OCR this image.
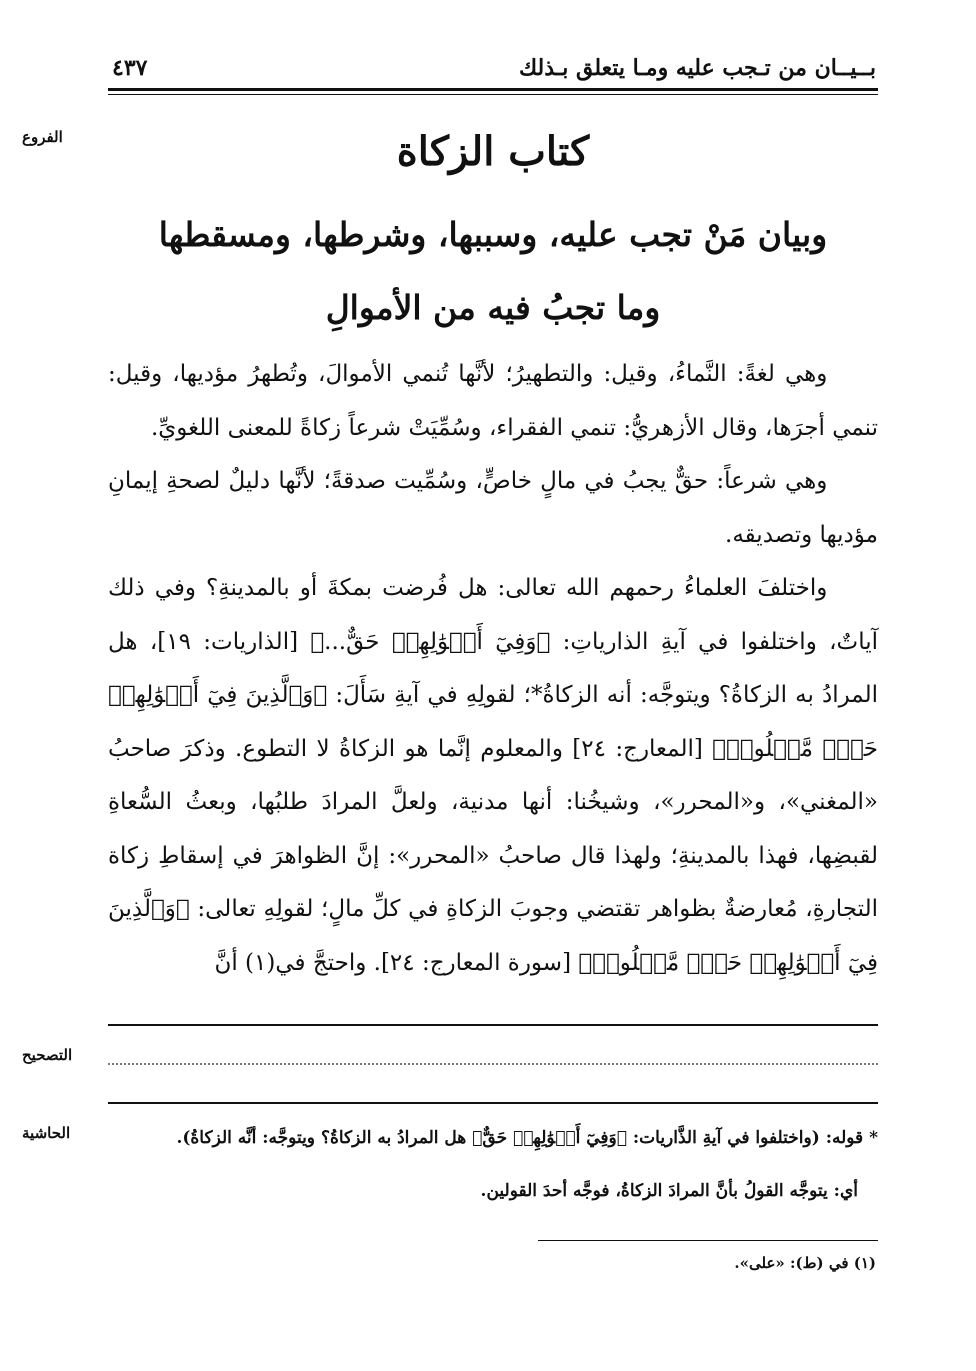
بــيــان من تـجب عليه ومـا يتعلق بـذلك
٤٣٧
الفروع	كتاب الزكاة
وبيان مَنْ تجب عليه، وسببها، وشرطها، ومسقطها
وما تجبُ فيه من الأموالِ

وهي لغةً: النَّماءُ، وقيل: والتطهيرُ؛ لأنَّها تُنمي الأموالَ، وتُطهرُ مؤديها، وقيل: تنمي أجرَها، وقال الأزهريُّ: تنمي الفقراء، وسُمِّيَتْ شرعاً زكاةً للمعنى اللغويِّ.

وهي شرعاً: حقٌّ يجبُ في مالٍ خاصٍّ، وسُمِّيت صدقةً؛ لأنَّها دليلٌ لصحةِ إيمانِ مؤديها وتصديقه.

واختلفَ العلماءُ رحمهم الله تعالى: هل فُرضت بمكةَ أو بالمدينةِ؟ وفي ذلك آياتٌ، واختلفوا في آيةِ الذارياتِ: ﴿وَفِيٓ أَمۡوَٰلِهِمۡ حَقٌّ...﴾ [الذاريات: ١٩]، هل المرادُ به الزكاةُ؟ ويتوجَّه: أنه الزكاةُ*؛ لقولِهِ في آيةِ سَأَلَ: ﴿وَٱلَّذِينَ فِيٓ أَمۡوَٰلِهِمۡ حَقّٞ مَّعۡلُومٞ﴾ [المعارج: ٢٤] والمعلوم إنَّما هو الزكاةُ لا التطوع. وذكرَ صاحبُ «المغني»، و«المحرر»، وشيخُنا: أنها مدنية، ولعلَّ المرادَ طلبُها، وبعثُ السُّعاةِ لقبضِها، فهذا بالمدينةِ؛ ولهذا قال صاحبُ «المحرر»: إنَّ الظواهرَ في إسقاطِ زكاة التجارةِ، مُعارضةٌ بظواهر تقتضي وجوبَ الزكاةِ في كلِّ مالٍ؛ لقولِهِ تعالى: ﴿وَٱلَّذِينَ فِيٓ أَمۡوَٰلِهِمۡ حَقّٞ مَّعۡلُومٞ﴾ [سورة المعارج: ٢٤]. واحتجَّ في(١) أنَّ

التصحيح
الحاشية	* قوله: (واختلفوا في آيةِ الذَّاريات: ﴿وَفِيٓ أَمۡوَٰلِهِمۡ حَقٌّ﴾ هل المرادُ به الزكاةُ؟ ويتوجَّه: أنَّه الزكاةُ).
أي: يتوجَّه القولُ بأنَّ المرادَ الزكاةُ، فوجَّه أحدَ القولين.
(١) في (ط): «على».
